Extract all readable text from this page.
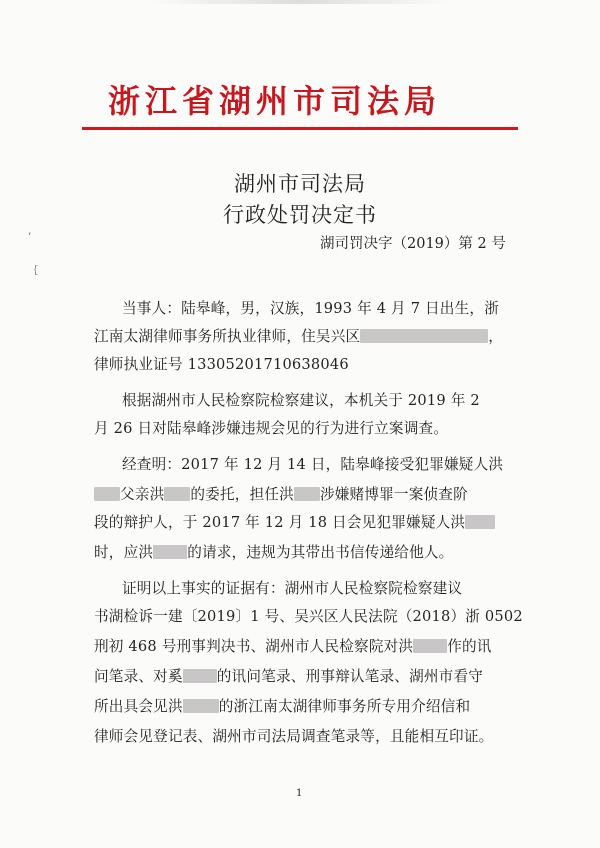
浙江省湖州市司法局
湖州市司法局
行政处罚决定书
湖司罚决字（2019）第 2 号
’
｛
当事人：陆皋峰，男，汉族，1993 年 4 月 7 日出生，浙
江南太湖律师事务所执业律师，住吴兴区	，
律师执业证号 13305201710638046
根据湖州市人民检察院检察建议，本机关于 2019 年 2
月 26 日对陆皋峰涉嫌违规会见的行为进行立案调查。
经查明：2017 年 12 月 14 日，陆皋峰接受犯罪嫌疑人洪
父亲洪 的委托，担任洪 涉嫌赌博罪一案侦查阶
段的辩护人，于 2017 年 12 月 18 日会见犯罪嫌疑人洪
时，应洪 的请求，违规为其带出书信传递给他人。
证明以上事实的证据有：湖州市人民检察院检察建议
书湖检诉一建〔2019〕1 号、吴兴区人民法院（2018）浙 0502
刑初 468 号刑事判决书、湖州市人民检察院对洪 作的讯
问笔录、对奚 的讯问笔录、刑事辩认笔录、湖州市看守
所出具会见洪 的浙江南太湖律师事务所专用介绍信和
律师会见登记表、湖州市司法局调查笔录等，且能相互印证。
1
